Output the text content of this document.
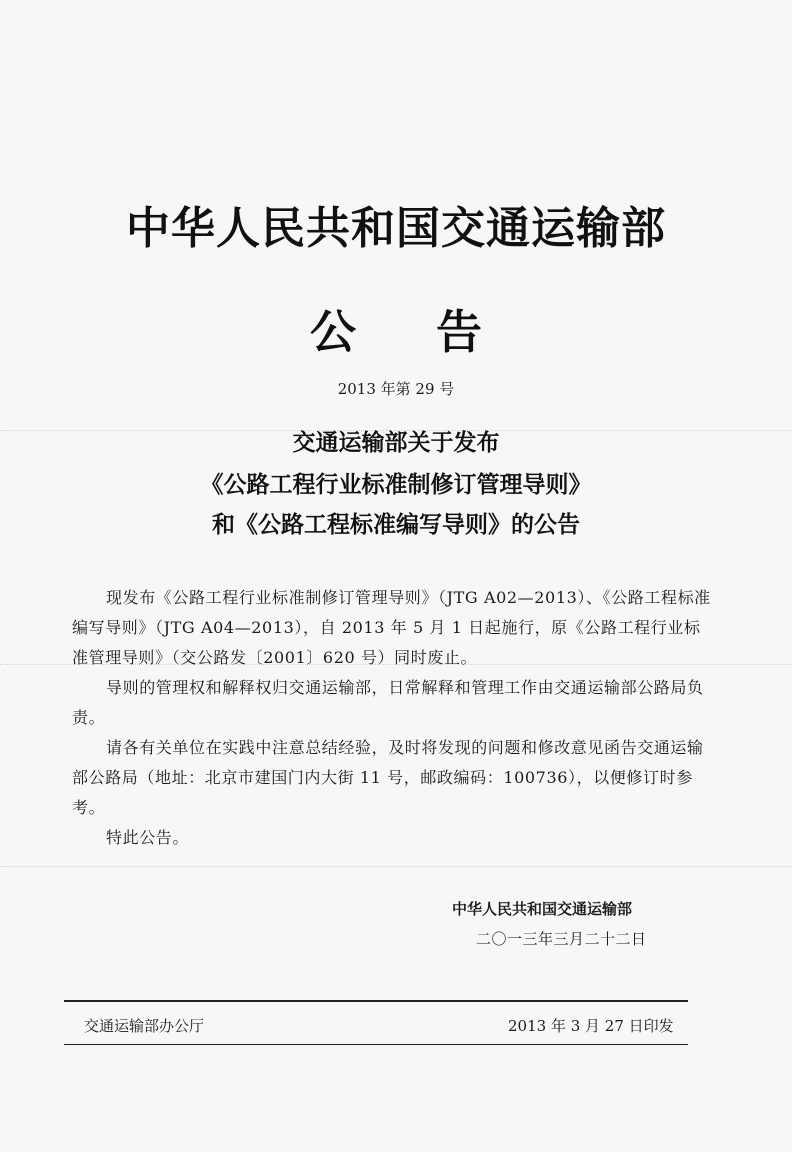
中华人民共和国交通运输部
公告
2013 年第 29 号
交通运输部关于发布
《公路工程行业标准制修订管理导则》
和《公路工程标准编写导则》的公告

现发布《公路工程行业标准制修订管理导则》（JTG A02—2013）、《公路工程标准编写导则》（JTG A04—2013），自 2013 年 5 月 1 日起施行，原《公路工程行业标准管理导则》（交公路发〔2001〕620 号）同时废止。

导则的管理权和解释权归交通运输部，日常解释和管理工作由交通运输部公路局负责。

请各有关单位在实践中注意总结经验，及时将发现的问题和修改意见函告交通运输部公路局（地址：北京市建国门内大街 11 号，邮政编码：100736），以便修订时参考。

特此公告。

中华人民共和国交通运输部
二〇一三年三月二十二日
交通运输部办公厅	2013 年 3 月 27 日印发
